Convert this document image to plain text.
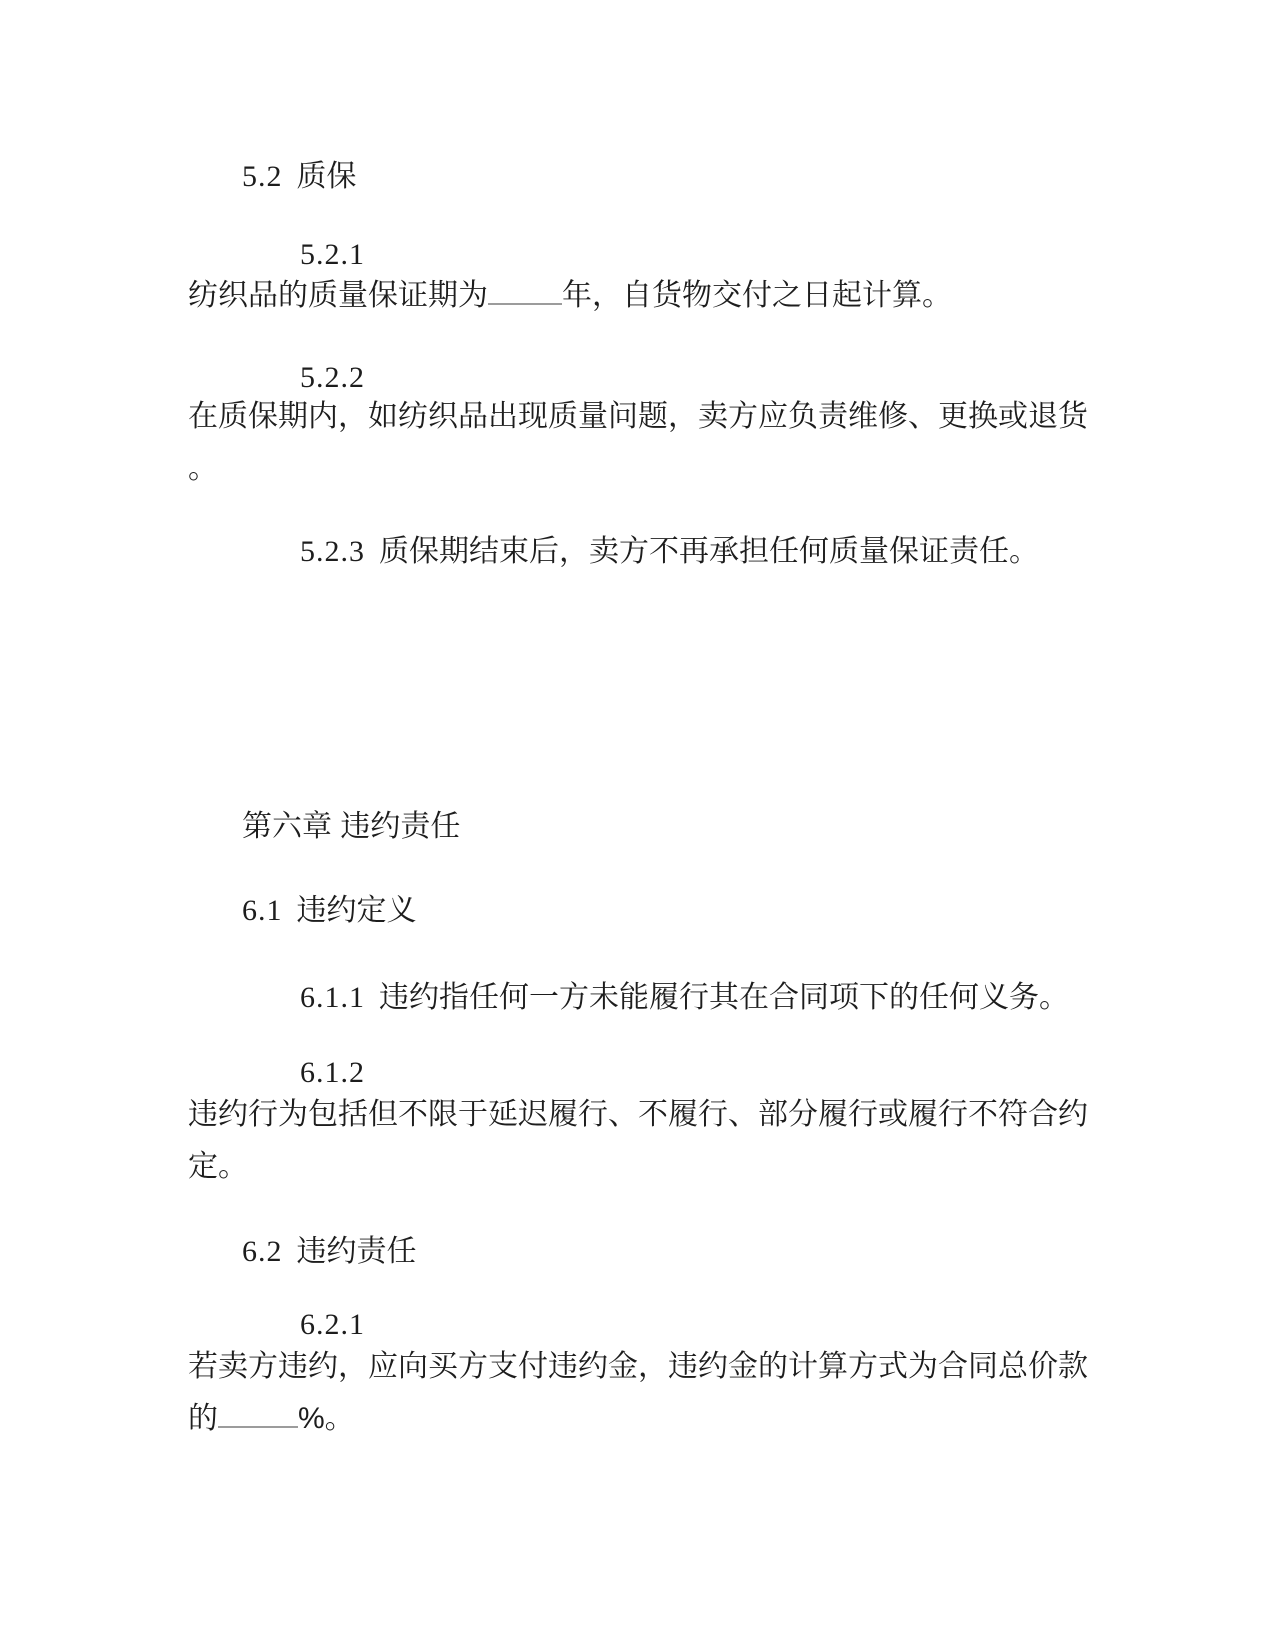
5.2 质保
5.2.1
纺织品的质量保证期为 年，自货物交付之日起计算。
5.2.2
在质保期内，如纺织品出现质量问题，卖方应负责维修、更换或退货
。
5.2.3 质保期结束后，卖方不再承担任何质量保证责任。
第六章 违约责任
6.1 违约定义
6.1.1 违约指任何一方未能履行其在合同项下的任何义务。
6.1.2
违约行为包括但不限于延迟履行、不履行、部分履行或履行不符合约
定。
6.2 违约责任
6.2.1
若卖方违约，应向买方支付违约金，违约金的计算方式为合同总价款
的	%。
